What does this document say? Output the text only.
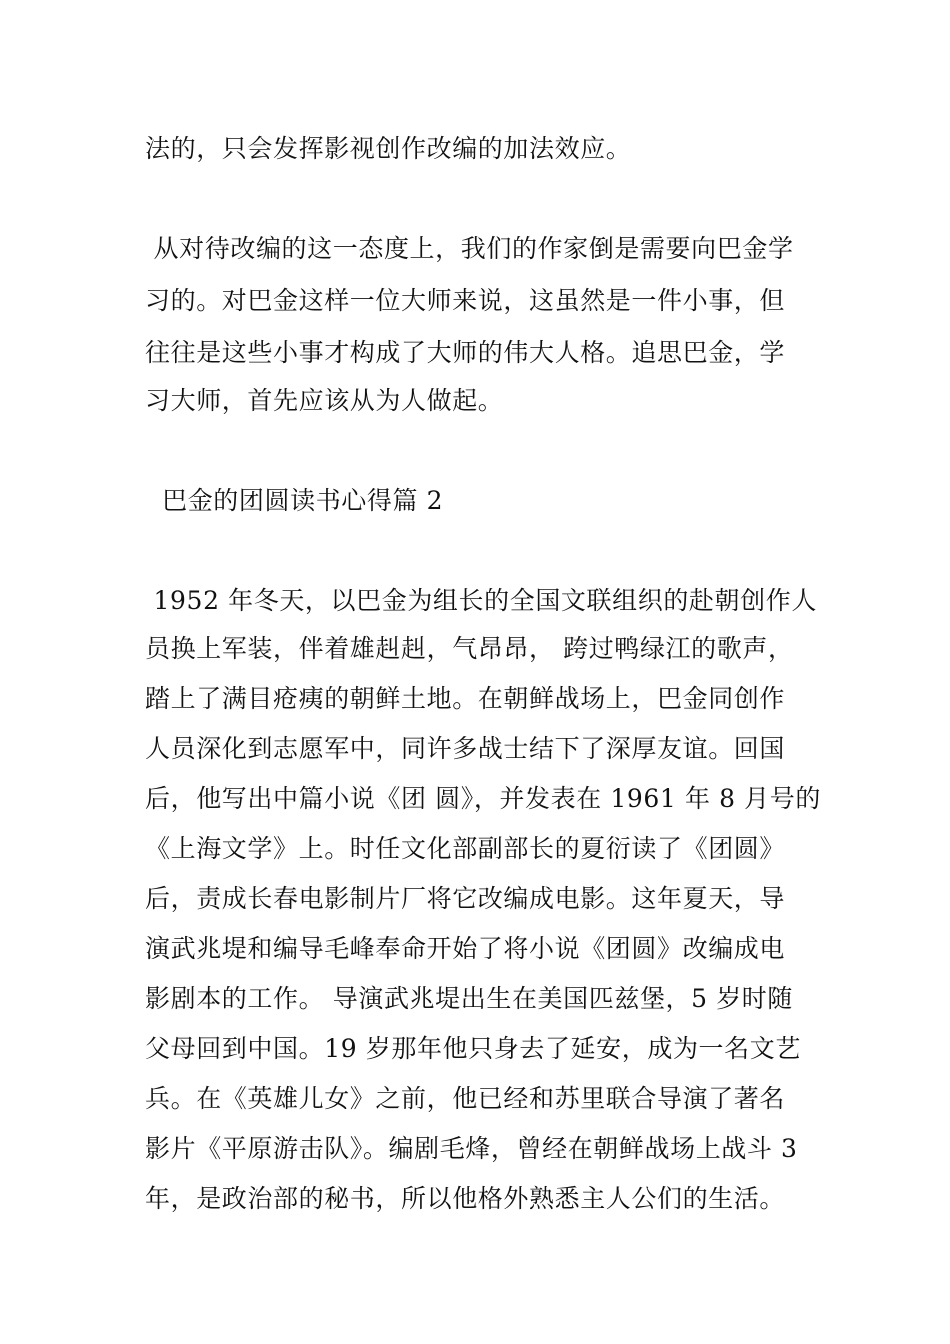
法的，只会发挥影视创作改编的加法效应。
从对待改编的这一态度上，我们的作家倒是需要向巴金学
习的。对巴金这样一位大师来说，这虽然是一件小事，但
往往是这些小事才构成了大师的伟大人格。追思巴金，学
习大师，首先应该从为人做起。
巴金的团圆读书心得篇 2
1952 年冬天，以巴金为组长的全国文联组织的赴朝创作人
员换上军装，伴着雄赳赳，气昂昂， 跨过鸭绿江的歌声，
踏上了满目疮痍的朝鲜土地。在朝鲜战场上，巴金同创作
人员深化到志愿军中，同许多战士结下了深厚友谊。回国
后，他写出中篇小说《团 圆》，并发表在 1961 年 8 月号的
《上海文学》上。时任文化部副部长的夏衍读了《团圆》
后，责成长春电影制片厂将它改编成电影。这年夏天，导
演武兆堤和编导毛峰奉命开始了将小说《团圆》改编成电
影剧本的工作。 导演武兆堤出生在美国匹兹堡，5 岁时随
父母回到中国。19 岁那年他只身去了延安，成为一名文艺
兵。在《英雄儿女》之前，他已经和苏里联合导演了著名
影片《平原游击队》。编剧毛烽，曾经在朝鲜战场上战斗 3
年，是政治部的秘书，所以他格外熟悉主人公们的生活。
